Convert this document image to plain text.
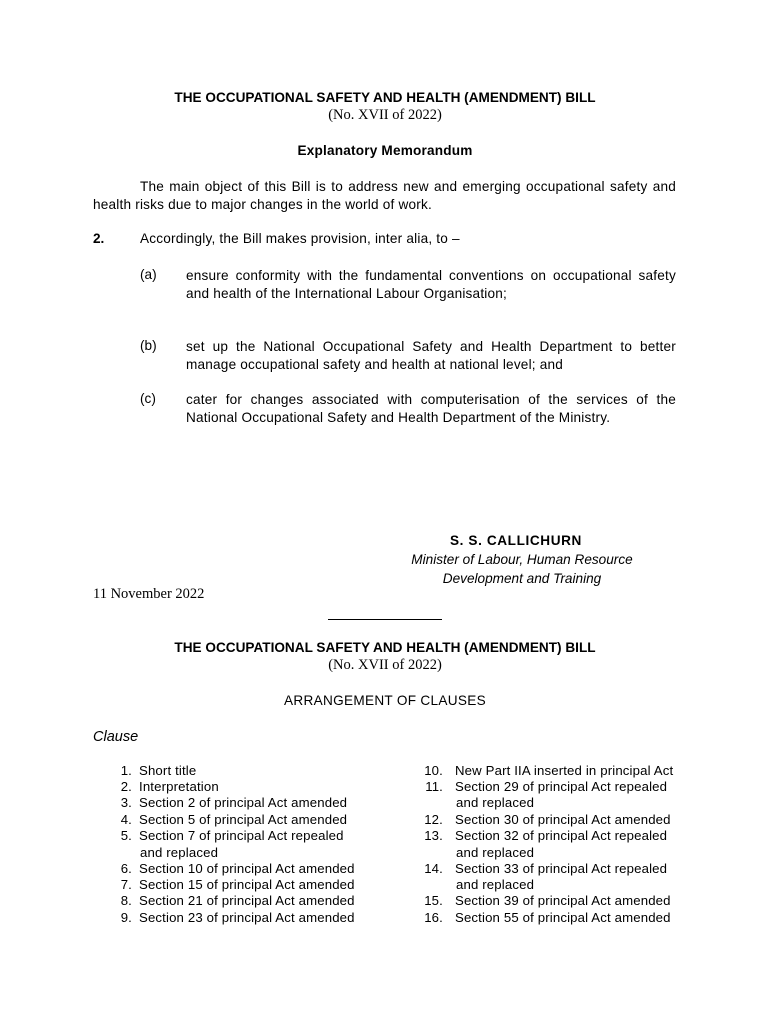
THE OCCUPATIONAL SAFETY AND HEALTH (AMENDMENT) BILL
(No. XVII of 2022)
Explanatory Memorandum
The main object of this Bill is to address new and emerging occupational safety and health risks due to major changes in the world of work.
2.	Accordingly, the Bill makes provision, inter alia, to –
(a) ensure conformity with the fundamental conventions on occupational safety and health of the International Labour Organisation;
(b) set up the National Occupational Safety and Health Department to better manage occupational safety and health at national level; and
(c) cater for changes associated with computerisation of the services of the National Occupational Safety and Health Department of the Ministry.
S. S. CALLICHURN
Minister of Labour, Human Resource
Development and Training
11 November 2022
THE OCCUPATIONAL SAFETY AND HEALTH (AMENDMENT) BILL
(No. XVII of 2022)
ARRANGEMENT OF CLAUSES
Clause
1. Short title
2. Interpretation
3. Section 2 of principal Act amended
4. Section 5 of principal Act amended
5. Section 7 of principal Act repealed
and replaced
6. Section 10 of principal Act amended
7. Section 15 of principal Act amended
8. Section 21 of principal Act amended
9. Section 23 of principal Act amended
10. New Part IIA inserted in principal Act
11. Section 29 of principal Act repealed
and replaced
12. Section 30 of principal Act amended
13. Section 32 of principal Act repealed
and replaced
14. Section 33 of principal Act repealed
and replaced
15. Section 39 of principal Act amended
16. Section 55 of principal Act amended
